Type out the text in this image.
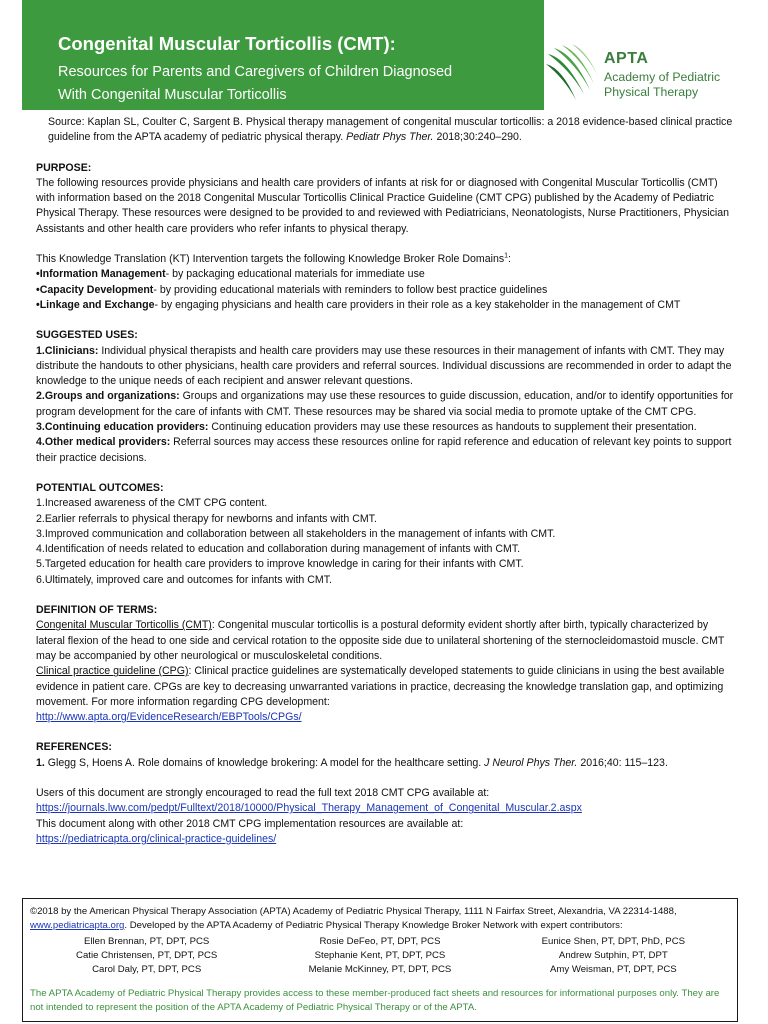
Congenital Muscular Torticollis (CMT):
Resources for Parents and Caregivers of Children Diagnosed
With Congenital Muscular Torticollis
APTA
Academy of Pediatric
Physical Therapy

Source: Kaplan SL, Coulter C, Sargent B. Physical therapy management of congenital muscular torticollis: a 2018 evidence-based clinical practice guideline from the APTA academy of pediatric physical therapy. Pediatr Phys Ther. 2018;30:240–290.

PURPOSE:

The following resources provide physicians and health care providers of infants at risk for or diagnosed with Congenital Muscular Torticollis (CMT) with information based on the 2018 Congenital Muscular Torticollis Clinical Practice Guideline (CMT CPG) published by the Academy of Pediatric Physical Therapy. These resources were designed to be provided to and reviewed with Pediatricians, Neonatologists, Nurse Practitioners, Physician Assistants and other health care providers who refer infants to physical therapy.

This Knowledge Translation (KT) Intervention targets the following Knowledge Broker Role Domains$^1$:

•Information Management- by packaging educational materials for immediate use

•Capacity Development- by providing educational materials with reminders to follow best practice guidelines

•Linkage and Exchange- by engaging physicians and health care providers in their role as a key stakeholder in the management of CMT

SUGGESTED USES:

1.Clinicians: Individual physical therapists and health care providers may use these resources in their management of infants with CMT. They may distribute the handouts to other physicians, health care providers and referral sources. Individual discussions are recommended in order to adapt the knowledge to the unique needs of each recipient and answer relevant questions.

2.Groups and organizations: Groups and organizations may use these resources to guide discussion, education, and/or to identify opportunities for program development for the care of infants with CMT. These resources may be shared via social media to promote uptake of the CMT CPG.

3.Continuing education providers: Continuing education providers may use these resources as handouts to supplement their presentation.

4.Other medical providers: Referral sources may access these resources online for rapid reference and education of relevant key points to support their practice decisions.

POTENTIAL OUTCOMES:

1.Increased awareness of the CMT CPG content.

2.Earlier referrals to physical therapy for newborns and infants with CMT.

3.Improved communication and collaboration between all stakeholders in the management of infants with CMT.

4.Identification of needs related to education and collaboration during management of infants with CMT.

5.Targeted education for health care providers to improve knowledge in caring for their infants with CMT.

6.Ultimately, improved care and outcomes for infants with CMT.

DEFINITION OF TERMS:

Congenital Muscular Torticollis (CMT): Congenital muscular torticollis is a postural deformity evident shortly after birth, typically characterized by lateral flexion of the head to one side and cervical rotation to the opposite side due to unilateral shortening of the sternocleidomastoid muscle. CMT may be accompanied by other neurological or musculoskeletal conditions.

Clinical practice guideline (CPG): Clinical practice guidelines are systematically developed statements to guide clinicians in using the best available evidence in patient care. CPGs are key to decreasing unwarranted variations in practice, decreasing the knowledge translation gap, and optimizing movement. For more information regarding CPG development:

http://www.apta.org/EvidenceResearch/EBPTools/CPGs/

REFERENCES:

1. Glegg S, Hoens A. Role domains of knowledge brokering: A model for the healthcare setting. J Neurol Phys Ther. 2016;40: 115–123.

Users of this document are strongly encouraged to read the full text 2018 CMT CPG available at:

https://journals.lww.com/pedpt/Fulltext/2018/10000/Physical_Therapy_Management_of_Congenital_Muscular.2.aspx

This document along with other 2018 CMT CPG implementation resources are available at:

https://pediatricapta.org/clinical-practice-guidelines/

©2018 by the American Physical Therapy Association (APTA) Academy of Pediatric Physical Therapy, 1111 N Fairfax Street, Alexandria, VA 22314-1488, www.pediatricapta.org. Developed by the APTA Academy of Pediatric Physical Therapy Knowledge Broker Network with expert contributors:

Ellen Brennan, PT, DPT, PCS	Rosie DeFeo, PT, DPT, PCS	Eunice Shen, PT, DPT, PhD, PCS
Catie Christensen, PT, DPT, PCS	Stephanie Kent, PT, DPT, PCS	Andrew Sutphin, PT, DPT
Carol Daly, PT, DPT, PCS	Melanie McKinney, PT, DPT, PCS	Amy Weisman, PT, DPT, PCS

The APTA Academy of Pediatric Physical Therapy provides access to these member-produced fact sheets and resources for informational purposes only. They are not intended to represent the position of the APTA Academy of Pediatric Physical Therapy or of the APTA.
